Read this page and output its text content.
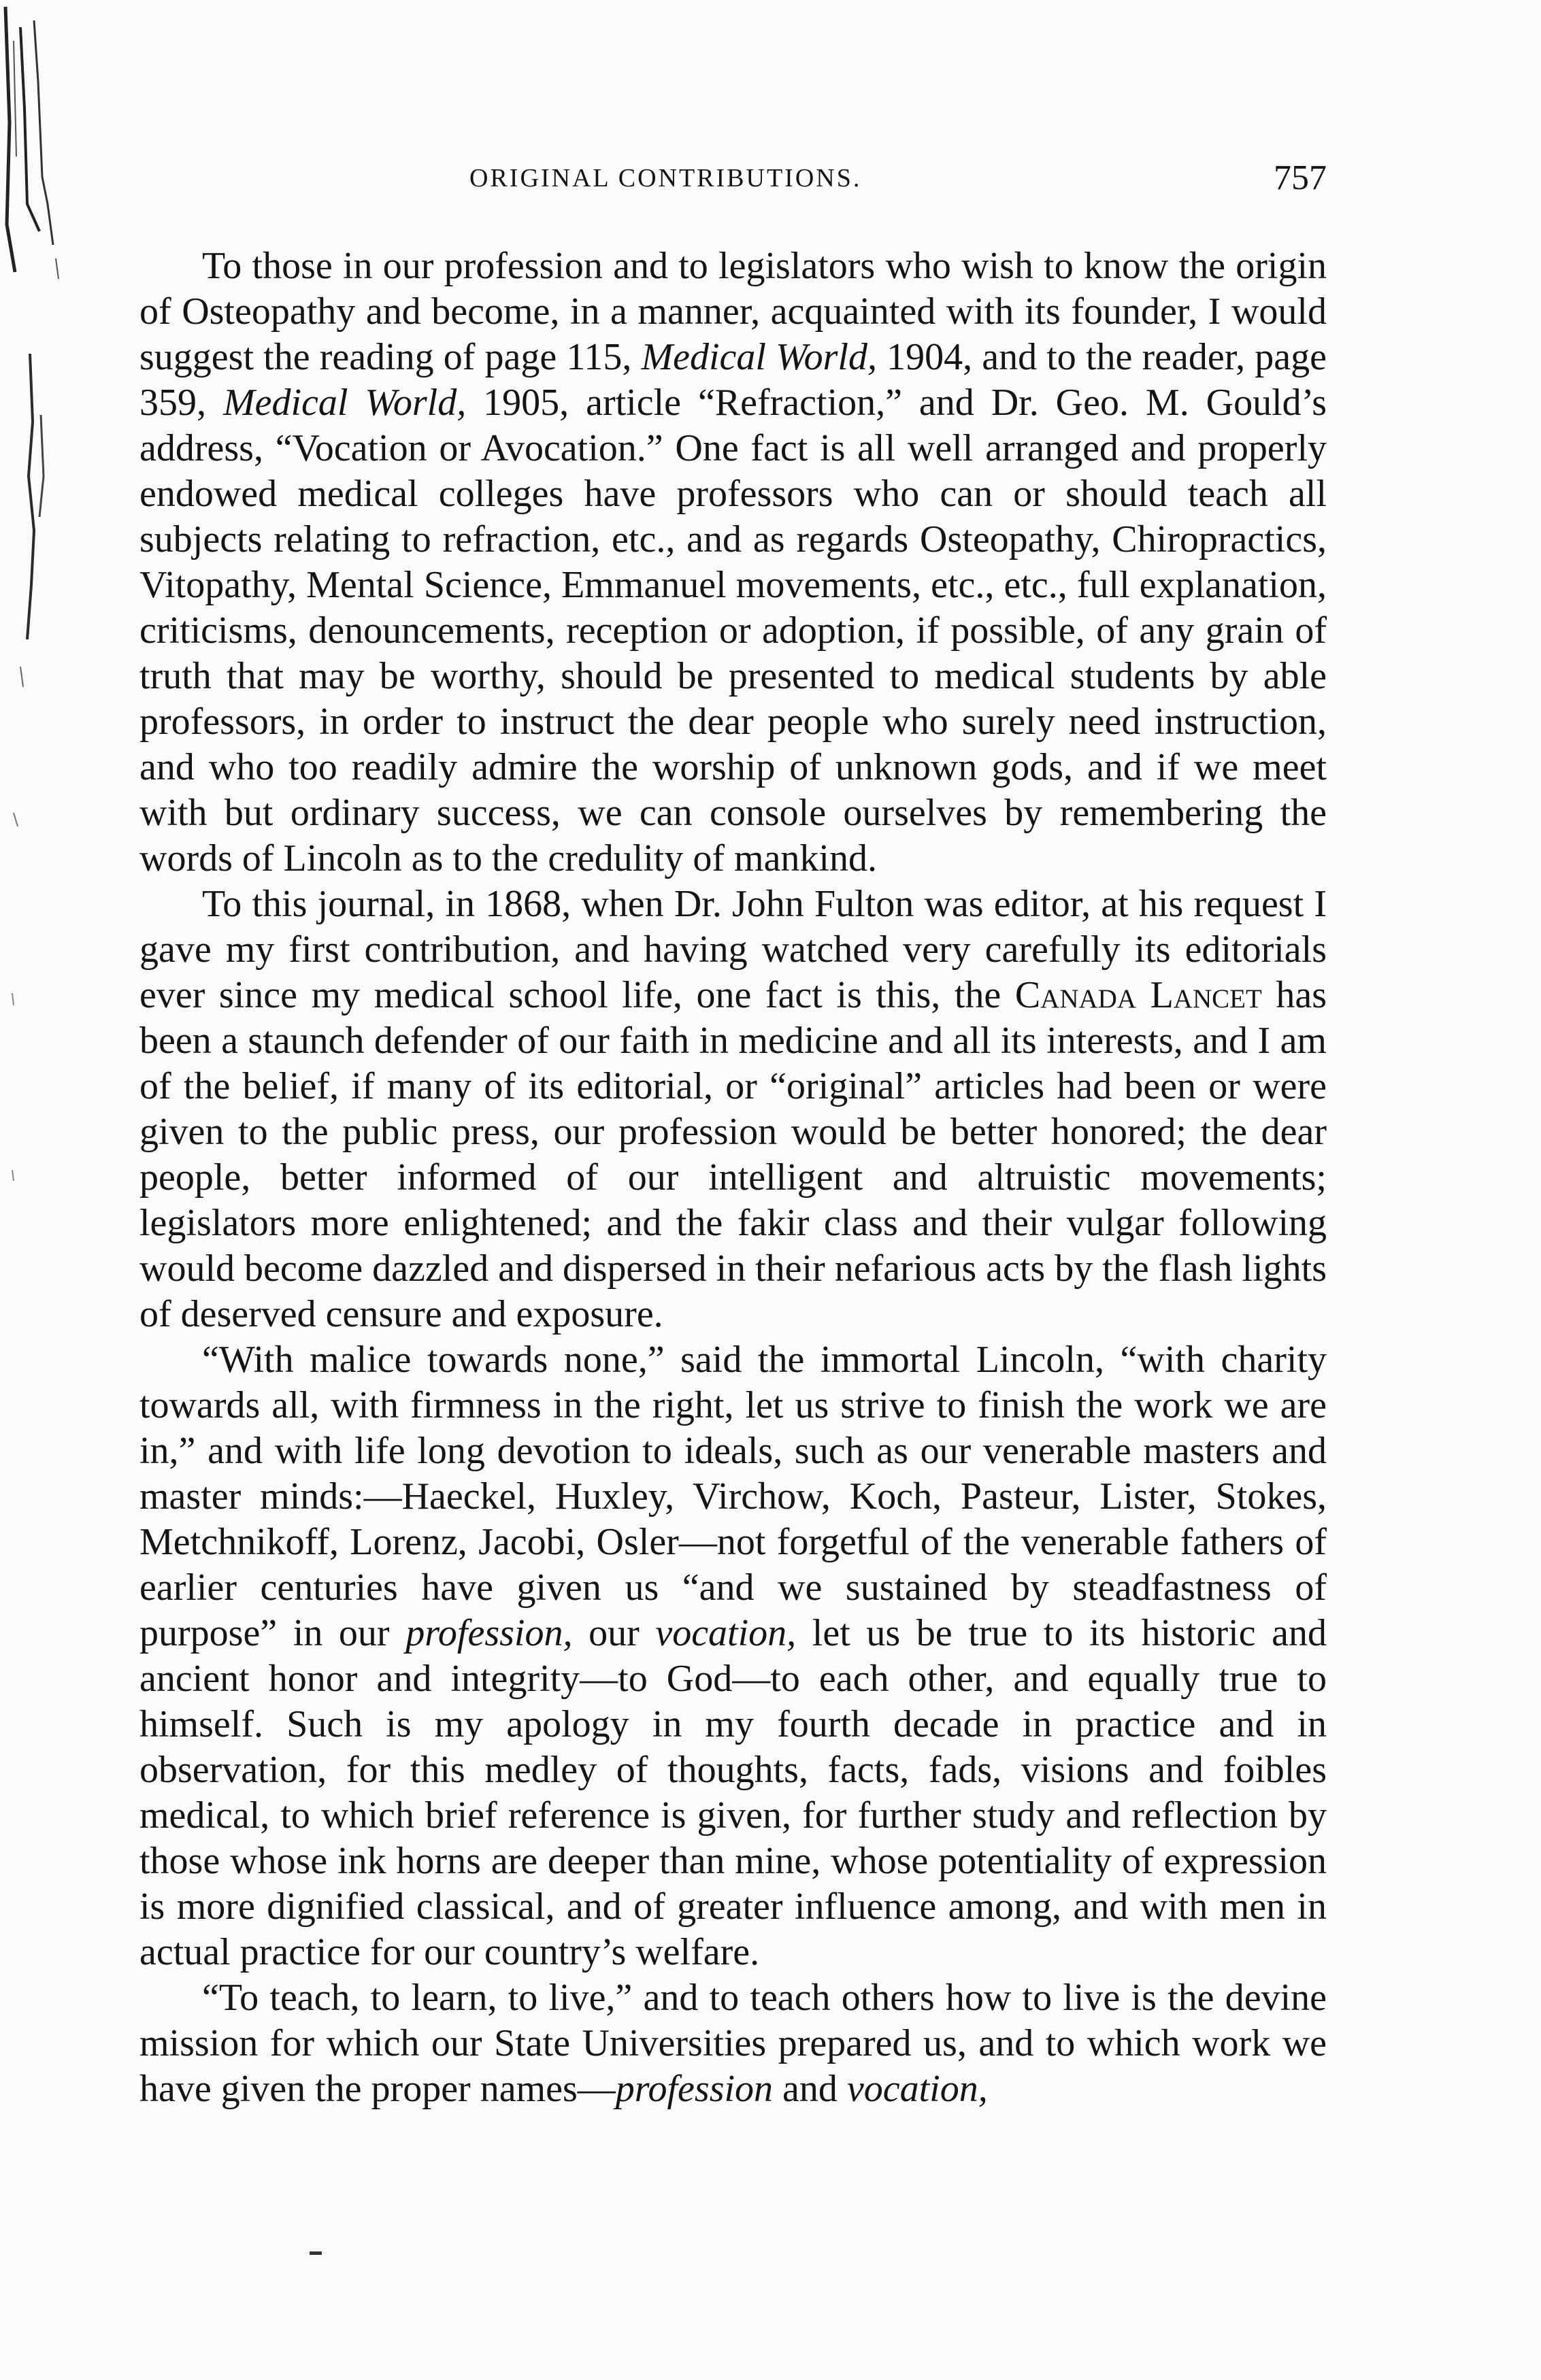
ORIGINAL CONTRIBUTIONS.	757

To those in our profession and to legislators who wish to know the origin of Osteopathy and become, in a manner, acquainted with its founder, I would suggest the reading of page 115, Medical World, 1904, and to the reader, page 359, Medical World, 1905, article “Refraction,” and Dr. Geo. M. Gould’s address, “Vocation or Avocation.” One fact is all well arranged and properly endowed medical colleges have professors who can or should teach all subjects relating to refraction, etc., and as regards Osteopathy, Chiropractics, Vitopathy, Mental Science, Emmanuel movements, etc., etc., full explanation, criticisms, denouncements, reception or adoption, if possible, of any grain of truth that may be worthy, should be presented to medical students by able professors, in order to instruct the dear people who surely need instruction, and who too readily admire the worship of unknown gods, and if we meet with but ordinary success, we can console ourselves by remembering the words of Lincoln as to the credulity of mankind.

To this journal, in 1868, when Dr. John Fulton was editor, at his request I gave my first contribution, and having watched very carefully its editorials ever since my medical school life, one fact is this, the Canada Lancet has been a staunch defender of our faith in medicine and all its interests, and I am of the belief, if many of its editorial, or “original” articles had been or were given to the public press, our profession would be better honored; the dear people, better informed of our intelligent and altruistic movements; legislators more enlightened; and the fakir class and their vulgar following would become dazzled and dispersed in their nefarious acts by the flash lights of deserved censure and exposure.

“With malice towards none,” said the immortal Lincoln, “with charity towards all, with firmness in the right, let us strive to finish the work we are in,” and with life long devotion to ideals, such as our venerable masters and master minds:—Haeckel, Huxley, Virchow, Koch, Pasteur, Lister, Stokes, Metchnikoff, Lorenz, Jacobi, Osler—not forgetful of the venerable fathers of earlier centuries have given us “and we sustained by steadfastness of purpose” in our profession, our vocation, let us be true to its historic and ancient honor and integrity—to God—to each other, and equally true to himself. Such is my apology in my fourth decade in practice and in observation, for this medley of thoughts, facts, fads, visions and foibles medical, to which brief reference is given, for further study and reflection by those whose ink horns are deeper than mine, whose potentiality of expression is more dignified classical, and of greater influence among, and with men in actual practice for our country’s welfare.

“To teach, to learn, to live,” and to teach others how to live is the devine mission for which our State Universities prepared us, and to which work we have given the proper names—profession and vocation,
